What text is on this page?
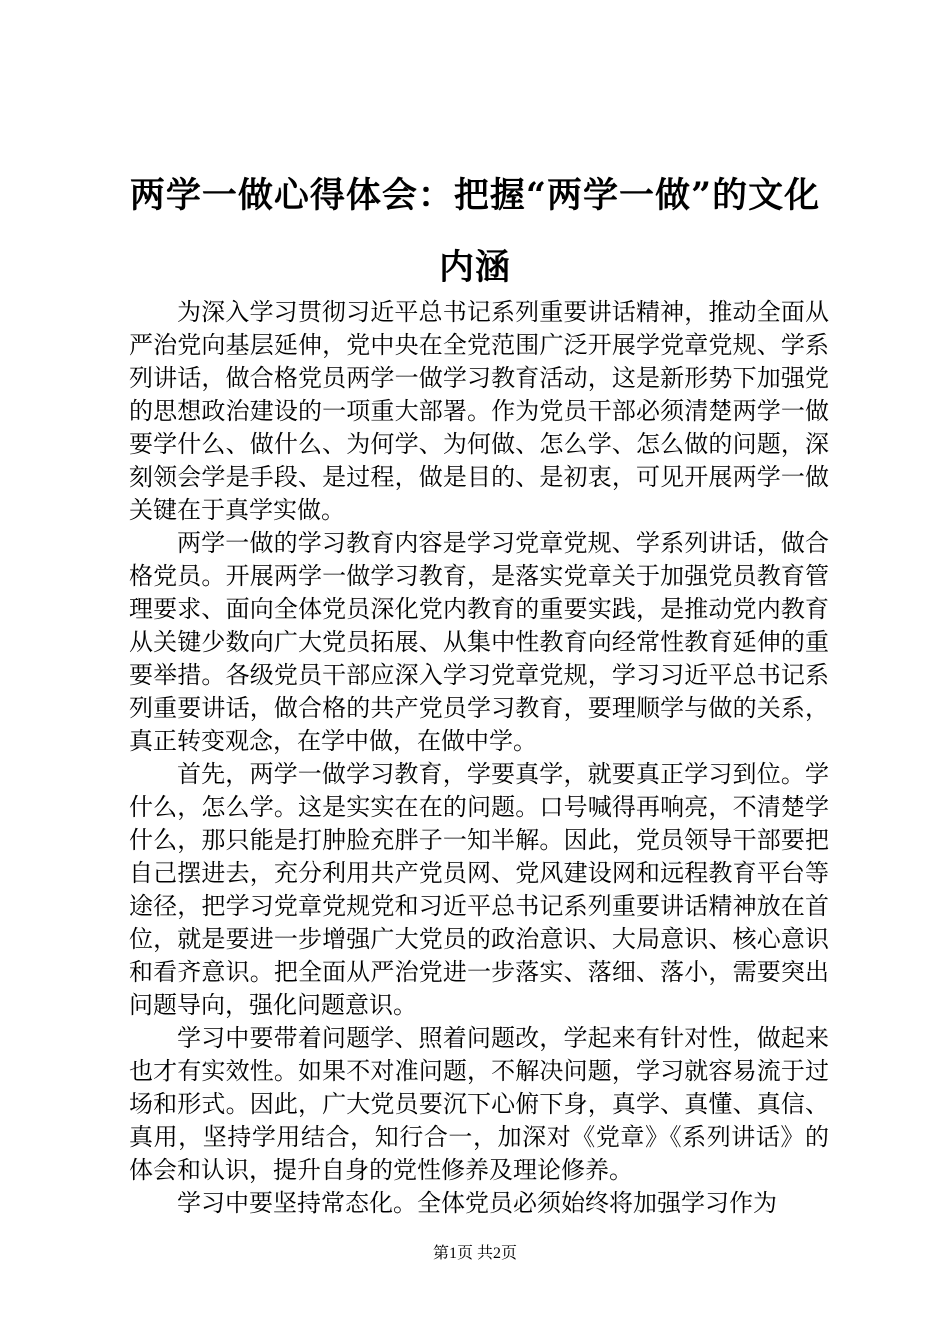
两学一做心得体会：把握“两学一做”的文化
内涵

为深入学习贯彻习近平总书记系列重要讲话精神，推动全面从严治党向基层延伸，党中央在全党范围广泛开展学党章党规、学系列讲话，做合格党员两学一做学习教育活动，这是新形势下加强党的思想政治建设的一项重大部署。作为党员干部必须清楚两学一做要学什么、做什么、为何学、为何做、怎么学、怎么做的问题，深刻领会学是手段、是过程，做是目的、是初衷，可见开展两学一做关键在于真学实做。

两学一做的学习教育内容是学习党章党规、学系列讲话，做合格党员。开展两学一做学习教育，是落实党章关于加强党员教育管理要求、面向全体党员深化党内教育的重要实践，是推动党内教育从关键少数向广大党员拓展、从集中性教育向经常性教育延伸的重要举措。各级党员干部应深入学习党章党规，学习习近平总书记系列重要讲话，做合格的共产党员学习教育，要理顺学与做的关系，真正转变观念，在学中做，在做中学。

首先，两学一做学习教育，学要真学，就要真正学习到位。学什么，怎么学。这是实实在在的问题。口号喊得再响亮，不清楚学什么，那只能是打肿脸充胖子一知半解。因此，党员领导干部要把自己摆进去，充分利用共产党员网、党风建设网和远程教育平台等途径，把学习党章党规党和习近平总书记系列重要讲话精神放在首位，就是要进一步增强广大党员的政治意识、大局意识、核心意识和看齐意识。把全面从严治党进一步落实、落细、落小，需要突出问题导向，强化问题意识。

学习中要带着问题学、照着问题改，学起来有针对性，做起来也才有实效性。如果不对准问题，不解决问题，学习就容易流于过场和形式。因此，广大党员要沉下心俯下身，真学、真懂、真信、真用，坚持学用结合，知行合一，加深对《党章》《系列讲话》的体会和认识，提升自身的党性修养及理论修养。

学习中要坚持常态化。全体党员必须始终将加强学习作为

第1页 共2页
